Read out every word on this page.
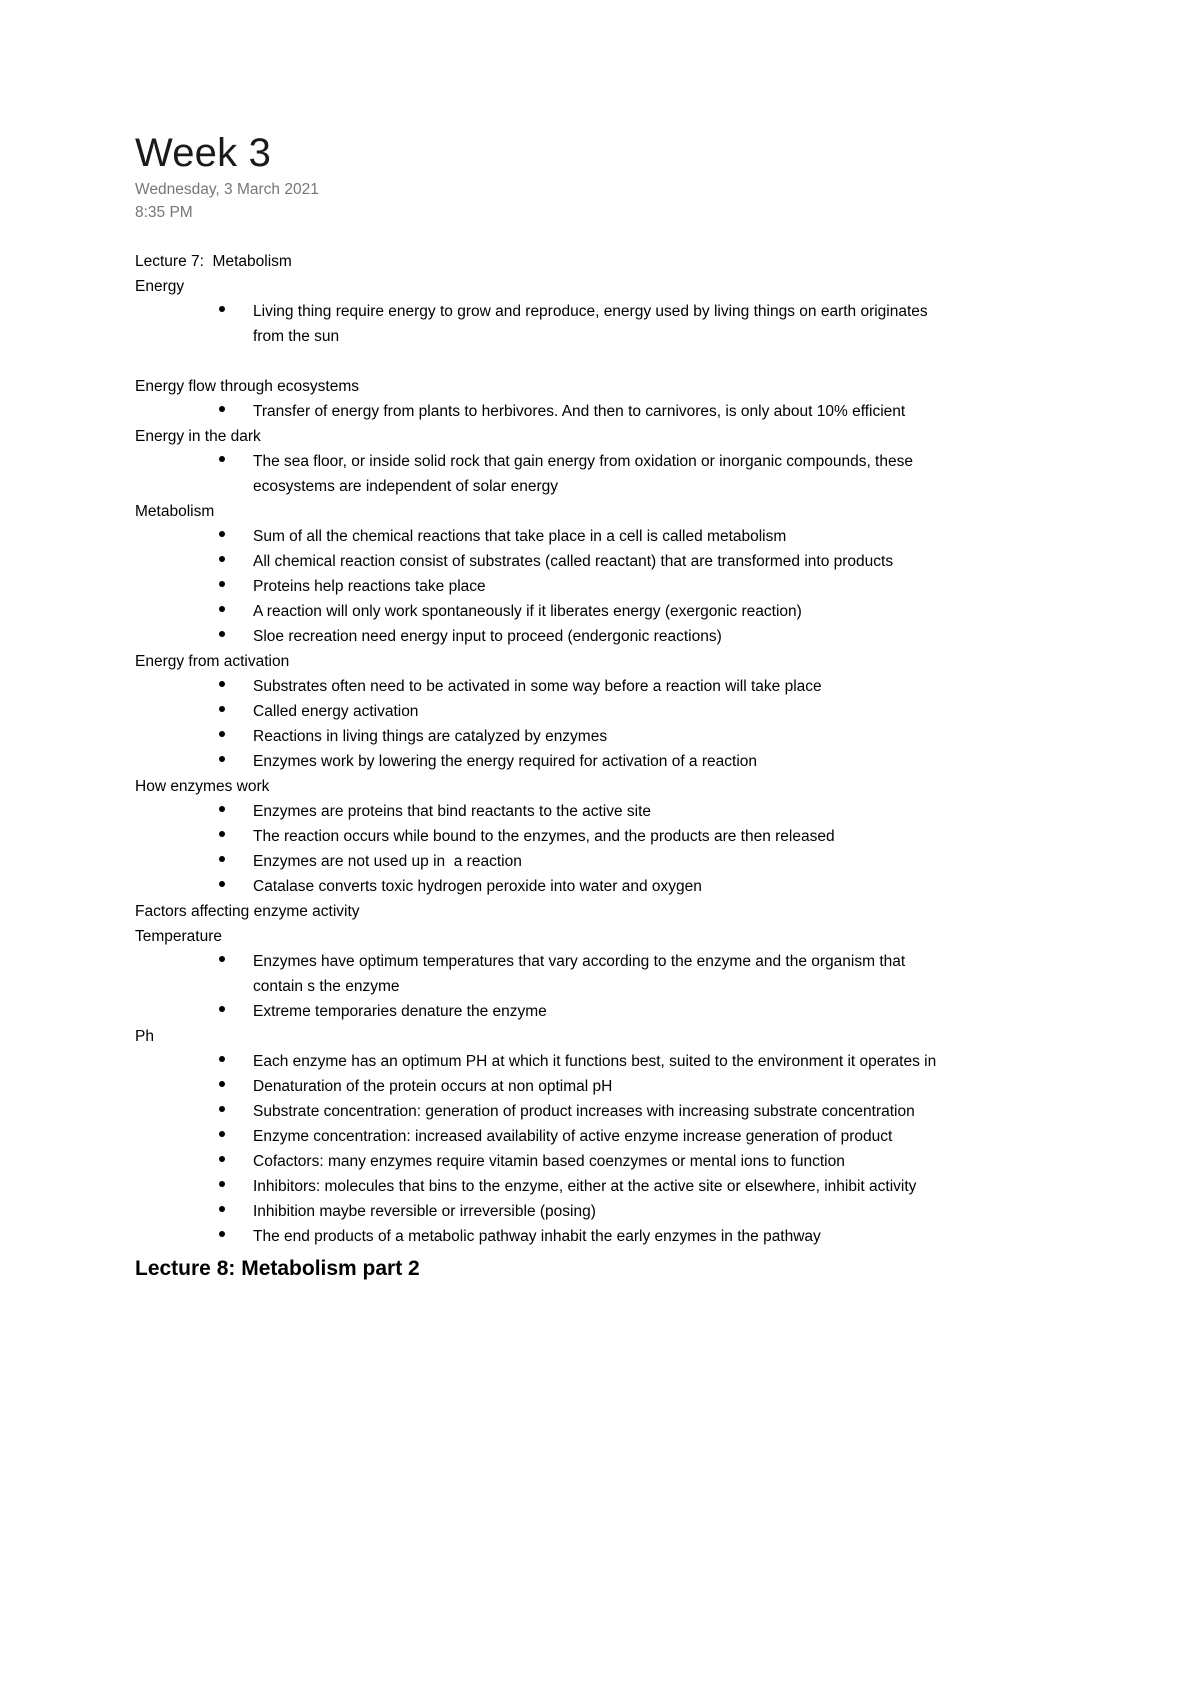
Week 3
Wednesday, 3 March 2021
8:35 PM
Lecture 7:  Metabolism
Energy
Living thing require energy to grow and reproduce, energy used by living things on earth originates from the sun
Energy flow through ecosystems
Transfer of energy from plants to herbivores. And then to carnivores, is only about 10% efficient
Energy in the dark
The sea floor, or inside solid rock that gain energy from oxidation or inorganic compounds, these ecosystems are independent of solar energy
Metabolism
Sum of all the chemical reactions that take place in a cell is called metabolism
All chemical reaction consist of substrates (called reactant) that are transformed into products
Proteins help reactions take place
A reaction will only work spontaneously if it liberates energy (exergonic reaction)
Sloe recreation need energy input to proceed (endergonic reactions)
Energy from activation
Substrates often need to be activated in some way before a reaction will take place
Called energy activation
Reactions in living things are catalyzed by enzymes
Enzymes work by lowering the energy required for activation of a reaction
How enzymes work
Enzymes are proteins that bind reactants to the active site
The reaction occurs while bound to the enzymes, and the products are then released
Enzymes are not used up in  a reaction
Catalase converts toxic hydrogen peroxide into water and oxygen
Factors affecting enzyme activity
Temperature
Enzymes have optimum temperatures that vary according to the enzyme and the organism that contain s the enzyme
Extreme temporaries denature the enzyme
Ph
Each enzyme has an optimum PH at which it functions best, suited to the environment it operates in
Denaturation of the protein occurs at non optimal pH
Substrate concentration: generation of product increases with increasing substrate concentration
Enzyme concentration: increased availability of active enzyme increase generation of product
Cofactors: many enzymes require vitamin based coenzymes or mental ions to function
Inhibitors: molecules that bins to the enzyme, either at the active site or elsewhere, inhibit activity
Inhibition maybe reversible or irreversible (posing)
The end products of a metabolic pathway inhabit the early enzymes in the pathway
Lecture 8: Metabolism part 2
